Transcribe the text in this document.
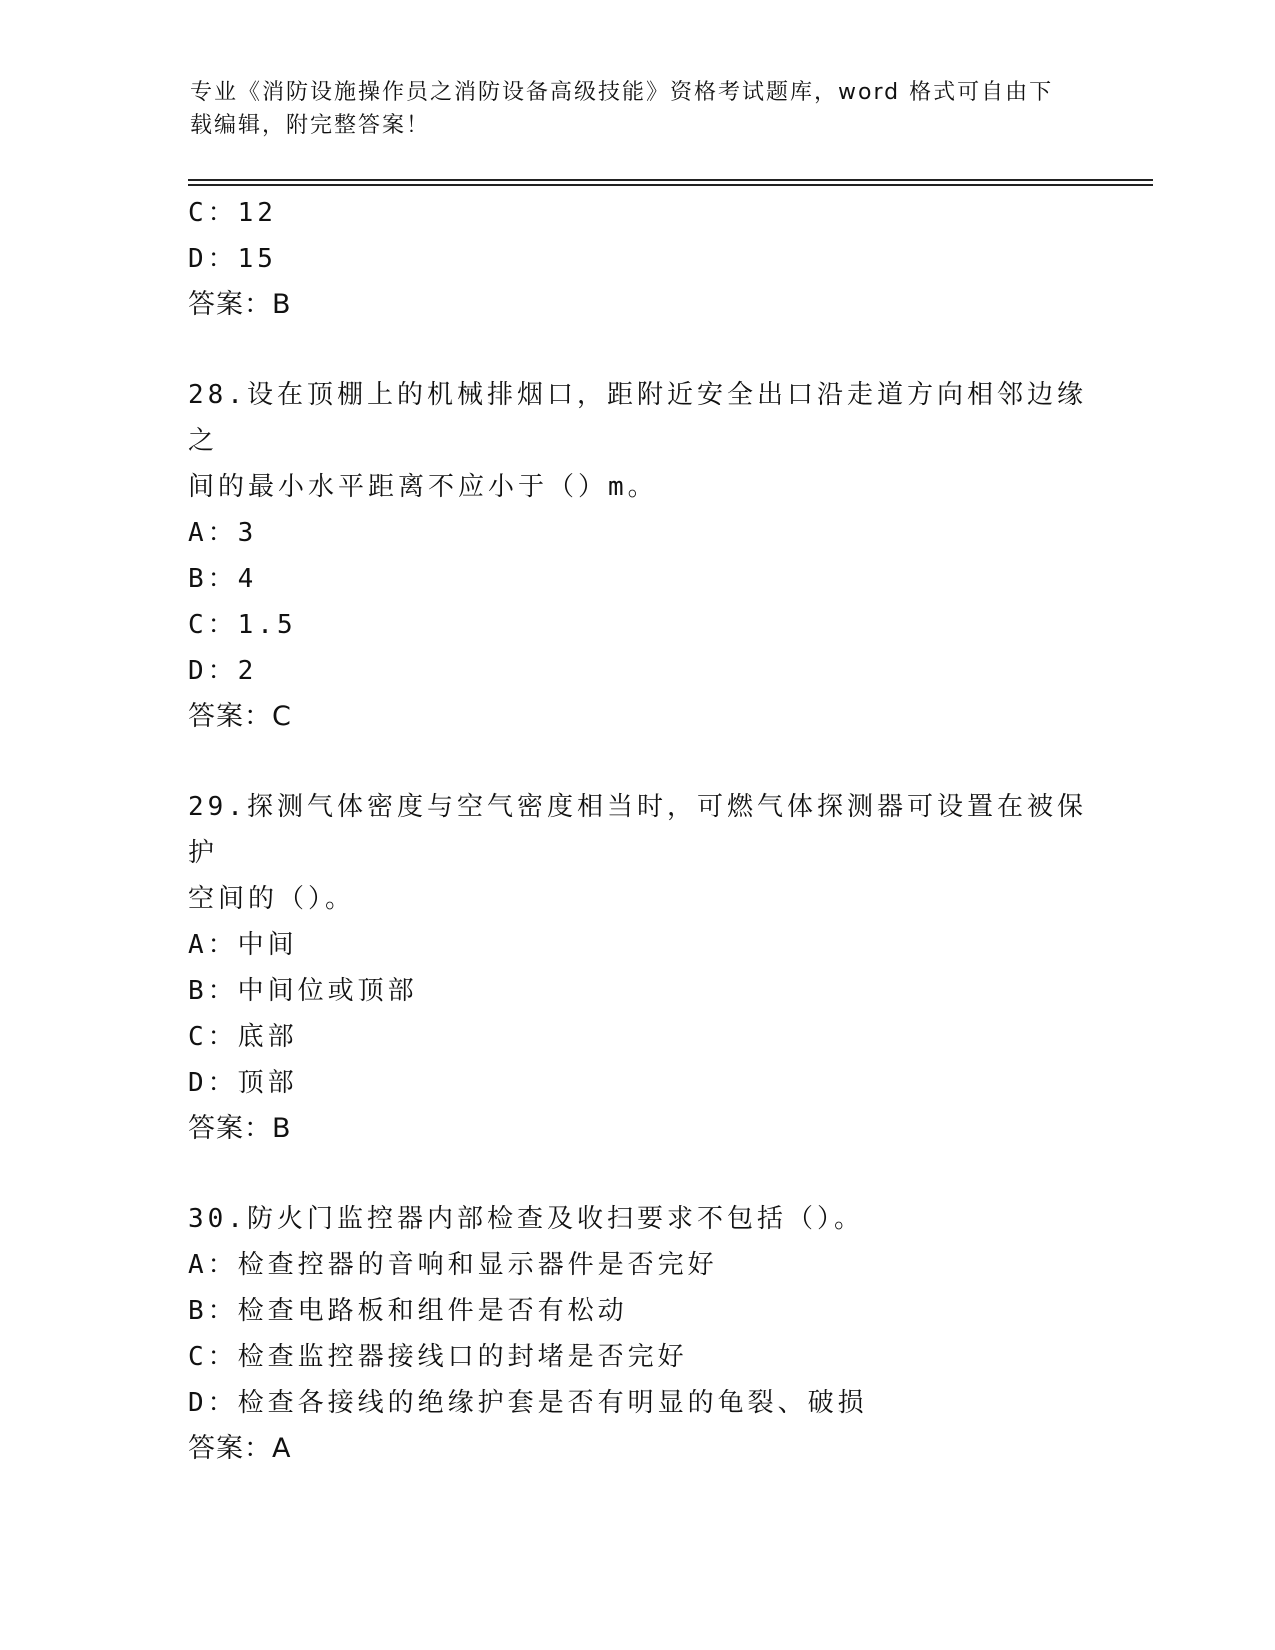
专业《消防设施操作员之消防设备高级技能》资格考试题库，word 格式可自由下
载编辑，附完整答案！
C：12
D：15
答案：B
28.设在顶棚上的机械排烟口，距附近安全出口沿走道方向相邻边缘之
间的最小水平距离不应小于（）m。
A：3
B：4
C：1.5
D：2
答案：C
29.探测气体密度与空气密度相当时，可燃气体探测器可设置在被保护
空间的（）。
A：中间
B：中间位或顶部
C：底部
D：顶部
答案：B
30.防火门监控器内部检查及收扫要求不包括（）。
A：检查控器的音响和显示器件是否完好
B：检查电路板和组件是否有松动
C：检查监控器接线口的封堵是否完好
D：检查各接线的绝缘护套是否有明显的龟裂、破损
答案：A
